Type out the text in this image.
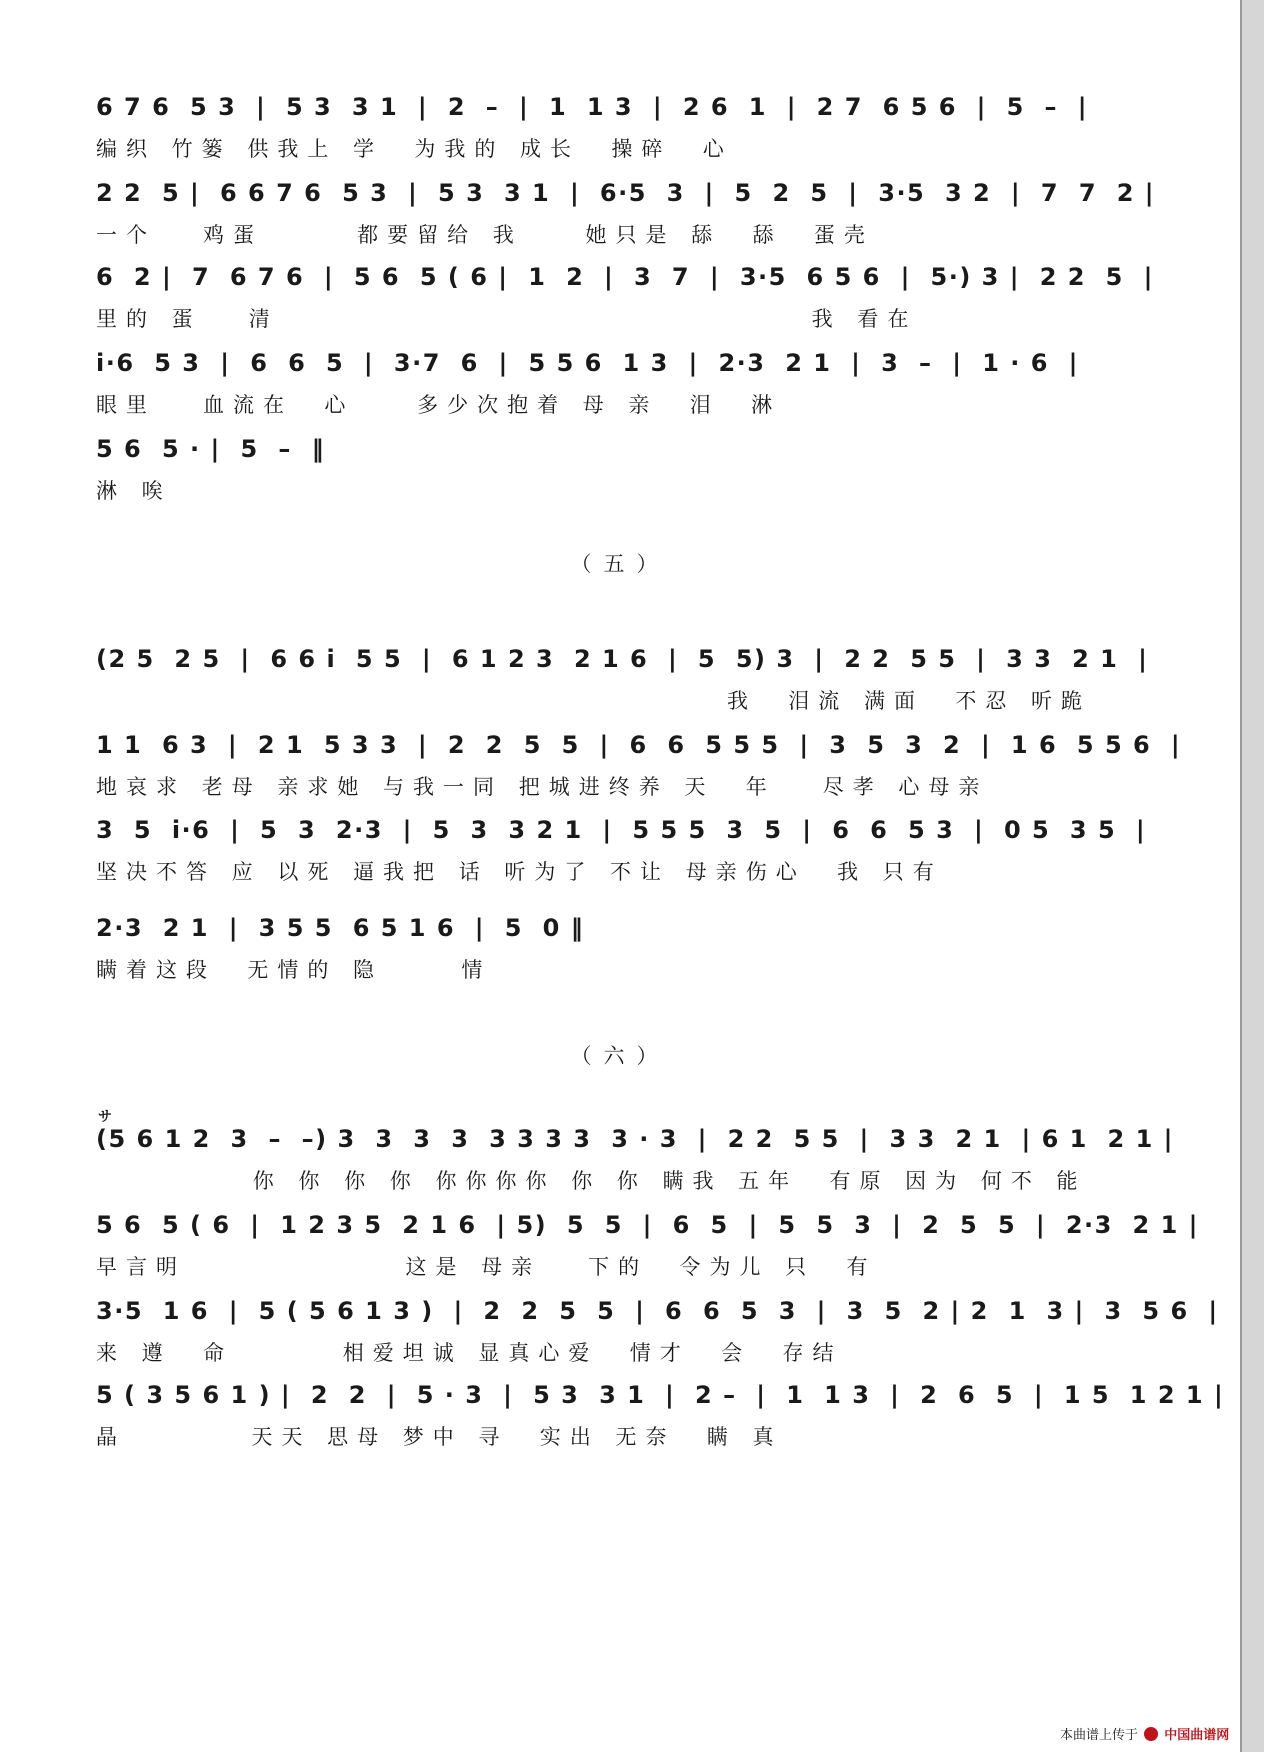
6 7 6  5 3  |  5 3  3 1  |  2  –  |  1  1 3  |  2 6  1  |  2 7  6 5 6  |  5  –  |
编织 竹篓 供我上 学  为我的 成长  操碎  心
2 2  5 |  6 6 7 6  5 3  |  5 3  3 1  |  6·5  3  |  5  2  5  |  3·5  3 2  |  7  7  2 |
一个   鸡蛋      都要留给 我    她只是 舔  舔  蛋壳
6  2 |  7  6 7 6  |  5 6  5 ( 6 |  1  2  |  3  7  |  3·5  6 5 6  |  5·) 3 |  2 2  5  |
里的 蛋   清                                  我 看在
i·6  5 3  |  6  6  5  |  3·7  6  |  5 5 6  1 3  |  2·3  2 1  |  3  –  |  1 · 6  |
眼里   血流在  心    多少次抱着 母 亲  泪  淋
5 6  5 · |  5  –  ‖
淋 唉
（五）
(2 5  2 5  |  6 6 i  5 5  |  6 1 2 3  2 1 6  |  5  5) 3  |  2 2  5 5  |  3 3  2 1  |
我  泪流 满面  不忍 听跪
1 1  6 3  |  2 1  5 3 3  |  2  2  5  5  |  6  6  5 5 5  |  3  5  3  2  |  1 6  5 5 6  |
地哀求 老母 亲求她 与我一同 把城进终养 天  年   尽孝 心母亲
3  5  i·6  |  5  3  2·3  |  5  3  3 2 1  |  5 5 5  3  5  |  6  6  5 3  |  0 5  3 5  |
坚决不答 应 以死 逼我把 话 听为了 不让 母亲伤心  我 只有
2·3  2 1  |  3 5 5  6 5 1 6  |  5  0 ‖
瞒着这段  无情的 隐     情
（六）
サ
(5 6 1 2  3  –  –) 3  3  3  3  3 3 3 3  3 · 3  |  2 2  5 5  |  3 3  2 1  | 6 1  2 1 |
你 你 你 你 你你你你 你 你 瞒我 五年  有原 因为 何不 能
5 6  5 ( 6  |  1 2 3 5  2 1 6  | 5)  5  5  |  6  5  |  5  5  3  |  2  5  5  |  2·3  2 1 |
早言明              这是 母亲   下的  令为儿 只  有
3·5  1 6  |  5 ( 5 6 1 3 )  |  2  2  5  5  |  6  6  5  3  |  3  5  2 | 2  1  3 |  3  5 6  |
来 遵  命       相爱坦诚 显真心爱  情才  会  存结
5 ( 3 5 6 1 ) |  2  2  |  5 · 3  |  5 3  3 1  |  2 –  |  1  1 3  |  2  6  5  |  1 5  1 2 1 |
晶        天天 思母 梦中 寻  实出 无奈  瞒 真
本曲谱上传于 中国曲谱网
